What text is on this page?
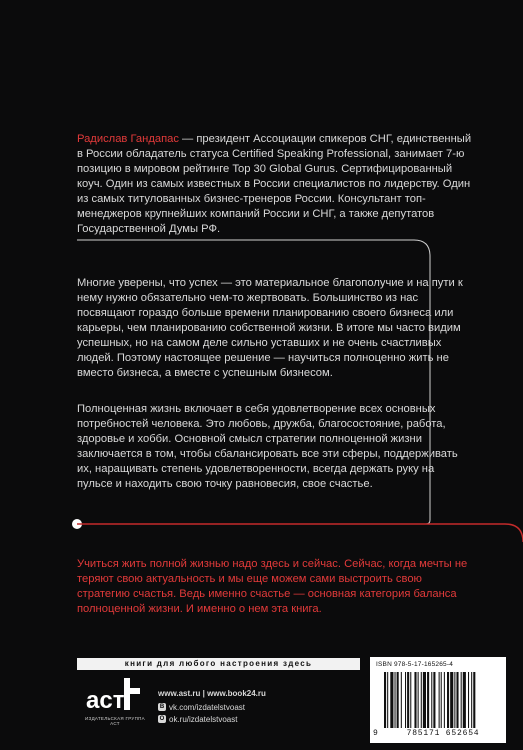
Радислав Гандапас — президент Ассоциации спикеров СНГ, единственный в России обладатель статуса Certified Speaking Professional, занимает 7-ю позицию в мировом рейтинге Top 30 Global Gurus. Сертифицированный коуч. Один из самых известных в России специалистов по лидерству. Один из самых титулованных бизнес-тренеров России. Консультант топ-менеджеров крупнейших компаний России и СНГ, а также депутатов Государственной Думы РФ.
Многие уверены, что успех — это материальное благополучие и на пути к нему нужно обязательно чем-то жертвовать. Большинство из нас посвящают гораздо больше времени планированию своего бизнеса или карьеры, чем планированию собственной жизни. В итоге мы часто видим успешных, но на самом деле сильно уставших и не очень счастливых людей. Поэтому настоящее решение — научиться полноценно жить не вместо бизнеса, а вместе с успешным бизнесом.
Полноценная жизнь включает в себя удовлетворение всех основных потребностей человека. Это любовь, дружба, благосостояние, работа, здоровье и хобби. Основной смысл стратегии полноценной жизни заключается в том, чтобы сбалансировать все эти сферы, поддерживать их, наращивать степень удовлетворенности, всегда держать руку на пульсе и находить свою точку равновесия, свое счастье.
Учиться жить полной жизнью надо здесь и сейчас. Сейчас, когда мечты не теряют свою актуальность и мы еще можем сами выстроить свою стратегию счастья. Ведь именно счастье — основная категория баланса полноценной жизни. И именно о нем эта книга.
книги для любого настроения здесь
аст
ИЗДАТЕЛЬСКАЯ ГРУППА АСТ
www.ast.ru | www.book24.ru
В vk.com/izdatelstvoast
О ok.ru/izdatelstvoast
ISBN 978-5-17-165265-4
9	785171 652654
